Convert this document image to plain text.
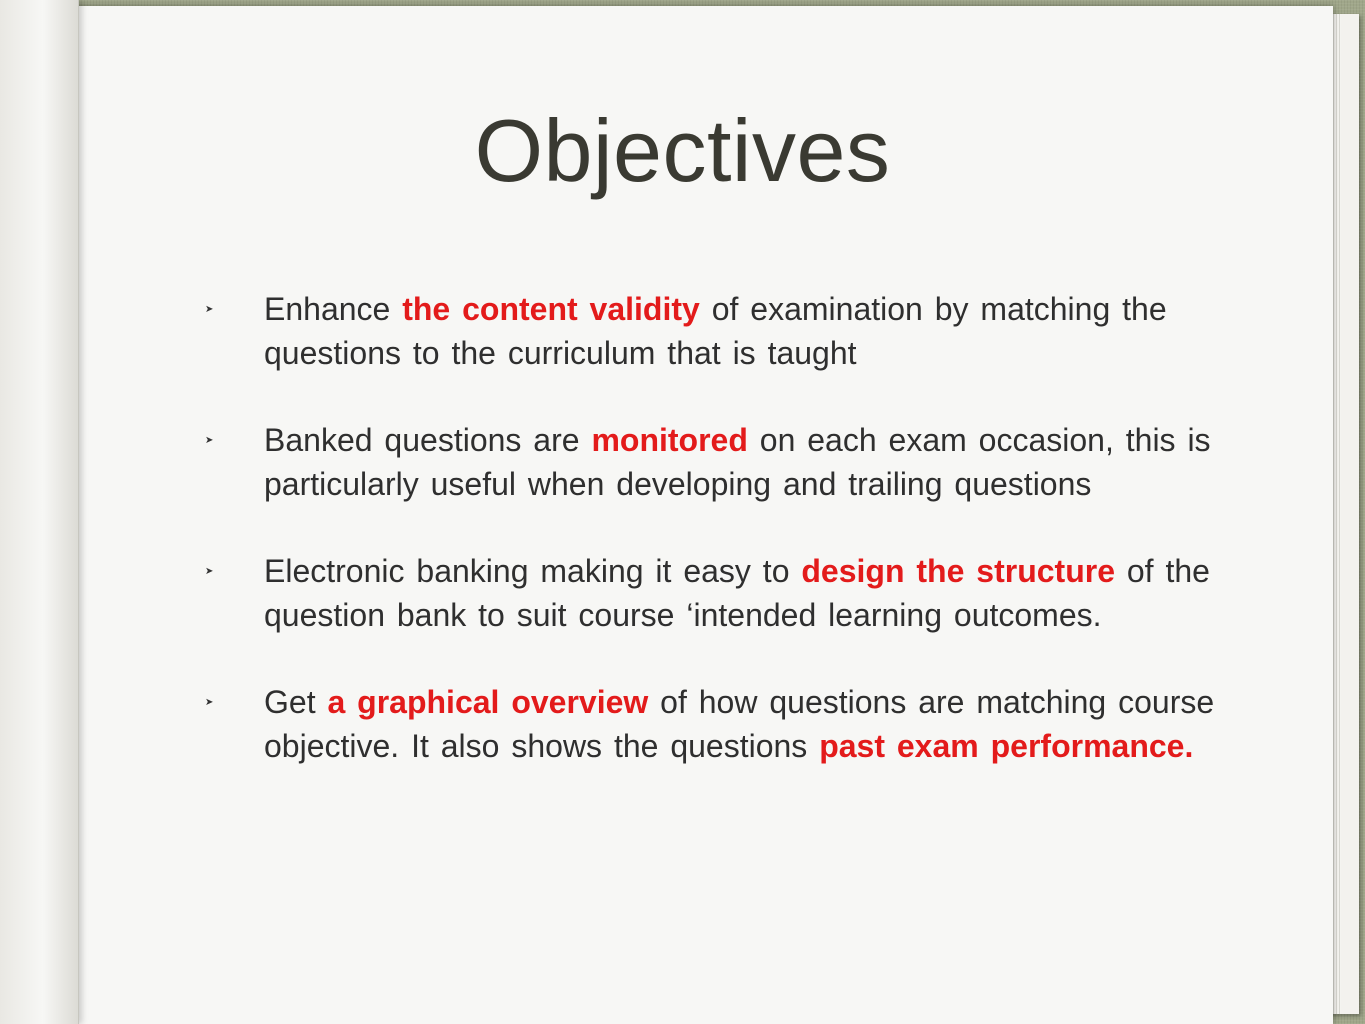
Objectives
➤ Enhance the content validity of examination by matching the questions to the curriculum that is taught
➤ Banked questions are monitored on each exam occasion, this is particularly useful when developing and trailing questions
➤ Electronic banking making it easy to design the structure of the question bank to suit course ‘intended learning outcomes.
➤ Get a graphical overview of how questions are matching course objective. It also shows the questions past exam performance.
